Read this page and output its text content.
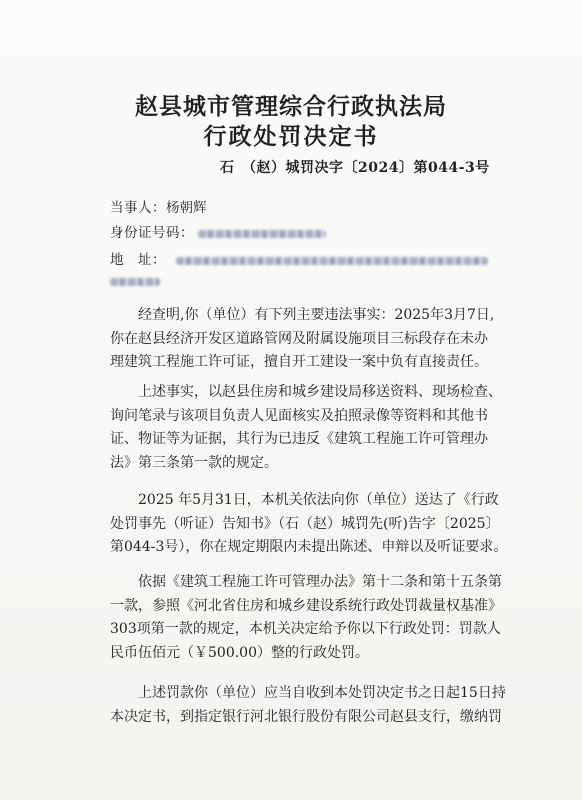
赵县城市管理综合行政执法局
行政处罚决定书
石　（赵）城罚决字〔2024〕第044-3号
当事人：杨朝辉
身份证号码：
地　址：
经查明,你（单位）有下列主要违法事实：2025年3月7日,
你在赵县经济开发区道路管网及附属设施项目三标段存在未办
理建筑工程施工许可证，擅自开工建设一案中负有直接责任。
上述事实，以赵县住房和城乡建设局移送资料、现场检查、
询问笔录与该项目负责人见面核实及拍照录像等资料和其他书
证、物证等为证据，其行为已违反《建筑工程施工许可管理办
法》第三条第一款的规定。
2025 年5月31日，本机关依法向你（单位）送达了《行政
处罚事先（听证）告知书》（石（赵）城罚先(听)告字〔2025〕
第044-3号），你在规定期限内未提出陈述、申辩以及听证要求。
依据《建筑工程施工许可管理办法》第十二条和第十五条第
一款，参照《河北省住房和城乡建设系统行政处罚裁量权基准》
303项第一款的规定，本机关决定给予你以下行政处罚：罚款人
民币伍佰元（￥500.00）整的行政处罚。
上述罚款你（单位）应当自收到本处罚决定书之日起15日持
本决定书，到指定银行河北银行股份有限公司赵县支行，缴纳罚
